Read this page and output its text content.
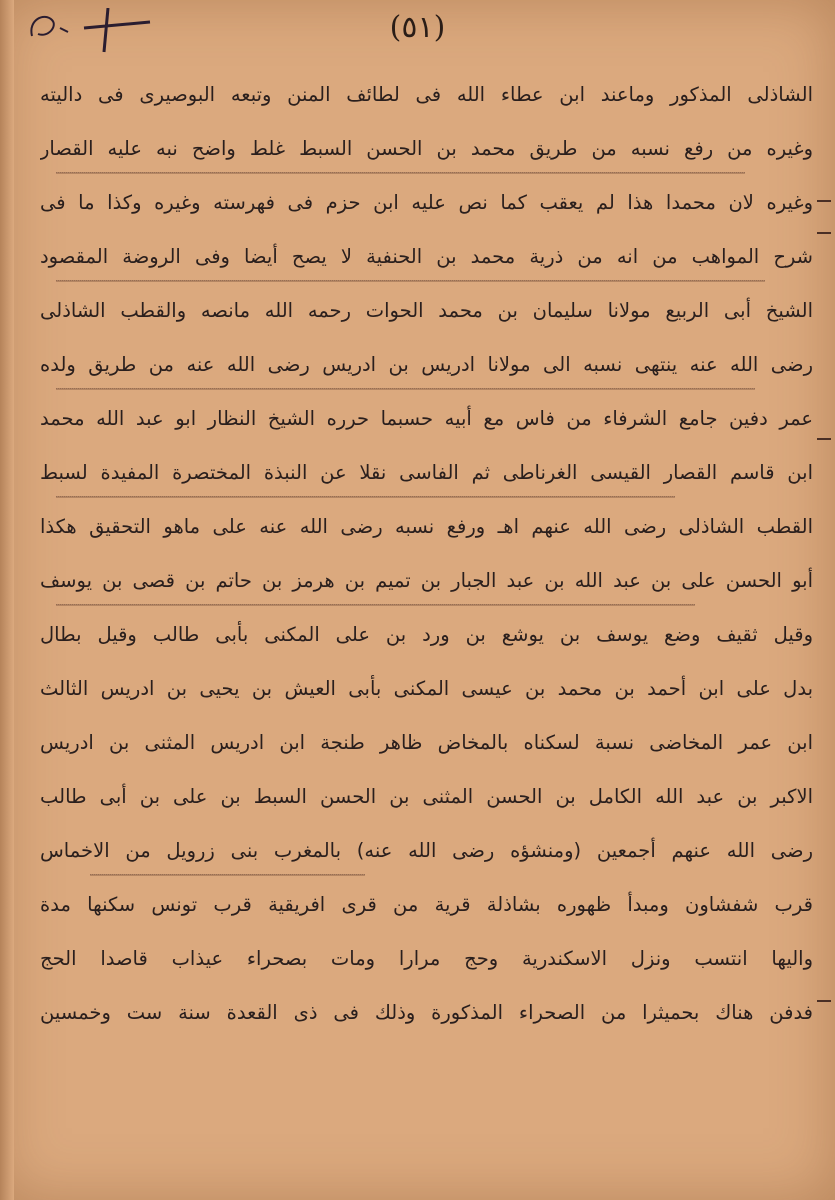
(٥١)
الشاذلی المذکور وماعند ابن عطاء الله فی لطائف المنن وتبعه البوصیری فی دالیته
وغیره من رفع نسبه من طریق محمد بن الحسن السبط غلط واضح نبه علیه القصار
وغیره لان محمدا هذا لم یعقب کما نص علیه ابن حزم فی فهرسته وغیره وکذا ما فی
شرح المواهب من انه من ذریة محمد بن الحنفیة لا یصح أیضا وفی الروضة المقصود
الشیخ أبی الربیع مولانا سلیمان بن محمد الحوات رحمه الله مانصه والقطب الشاذلی
رضی الله عنه ینتهی نسبه الی مولانا ادریس بن ادریس رضی الله عنه من طریق ولده
عمر دفین جامع الشرفاء من فاس مع أبیه حسبما حرره الشیخ النظار ابو عبد الله محمد
ابن قاسم القصار القیسی الغرناطی ثم الفاسی نقلا عن النبذة المختصرة المفیدة لسبط
القطب الشاذلی رضی الله عنهم اهـ ورفع نسبه رضی الله عنه علی ماهو التحقیق هکذا
أبو الحسن علی بن عبد الله بن عبد الجبار بن تمیم بن هرمز بن حاتم بن قصی بن یوسف
وقیل ثقیف وضع یوسف بن یوشع بن ورد بن علی المکنی بأبی طالب وقیل بطال
بدل علی ابن أحمد بن محمد بن عیسی المکنی بأبی العیش بن یحیی بن ادریس الثالث
ابن عمر المخاضی نسبة لسکناه بالمخاض ظاهر طنجة ابن ادریس المثنی بن ادریس
الاکبر بن عبد الله الکامل بن الحسن المثنی بن الحسن السبط بن علی بن أبی طالب
رضی الله عنهم أجمعین (ومنشؤه رضی الله عنه) بالمغرب بنی زرویل من الاخماس
قرب شفشاون ومبدأ ظهوره بشاذلة قریة من قری افریقیة قرب تونس سکنها مدة
والیها انتسب ونزل الاسکندریة وحج مرارا ومات بصحراء عیذاب قاصدا الحج
فدفن هناك بحمیثرا من الصحراء المذکورة وذلك فی ذی القعدة سنة ست وخمسین
